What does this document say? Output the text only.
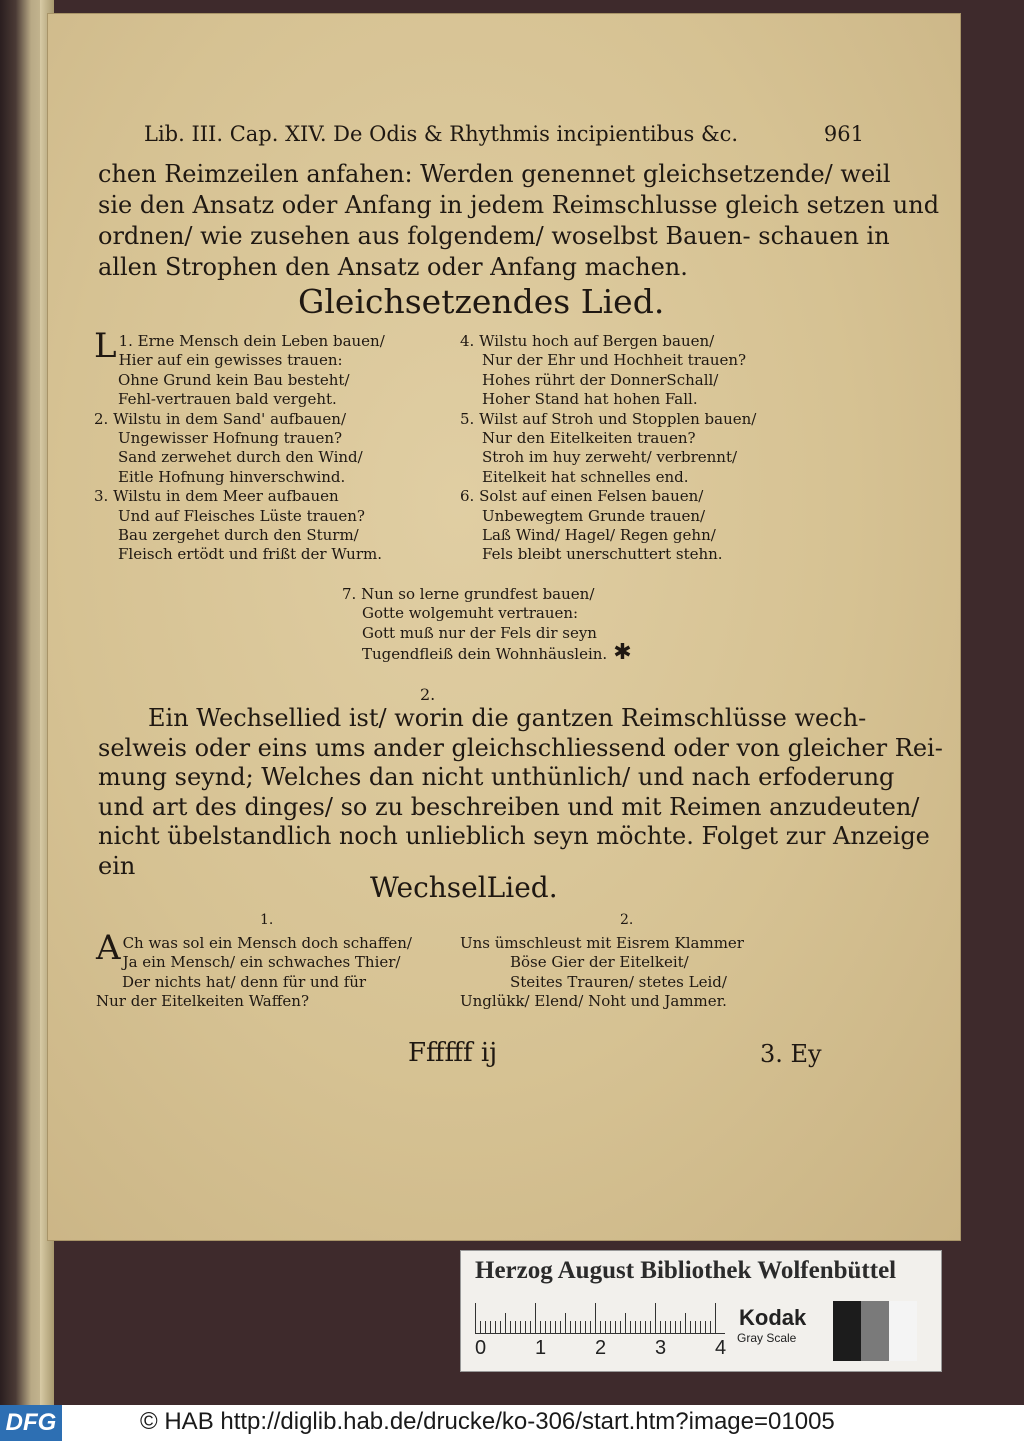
Lib. III. Cap. XIV. De Odis & Rhythmis incipientibus &c.	961
chen Reimzeilen anfahen: Werden genennet gleichsetzende/ weil
sie den Ansatz oder Anfang in jedem Reimschlusse gleich setzen und
ordnen/ wie zusehen aus folgendem/ woselbst Bauen- schauen in
allen Strophen den Ansatz oder Anfang machen.
Gleichsetzendes Lied.
1.
L Erne Mensch dein Leben bauen/
Hier auf ein gewisses trauen:
Ohne Grund kein Bau besteht/
Fehl-vertrauen bald vergeht.
2. Wilstu in dem Sand' aufbauen/
Ungewisser Hofnung trauen?
Sand zerwehet durch den Wind/
Eitle Hofnung hinverschwind.
3. Wilstu in dem Meer aufbauen
Und auf Fleisches Lüste trauen?
Bau zergehet durch den Sturm/
Fleisch ertödt und frißt der Wurm.
4. Wilstu hoch auf Bergen bauen/
Nur der Ehr und Hochheit trauen?
Hohes rührt der DonnerSchall/
Hoher Stand hat hohen Fall.
5. Wilst auf Stroh und Stopplen bauen/
Nur den Eitelkeiten trauen?
Stroh im huy zerweht/ verbrennt/
Eitelkeit hat schnelles end.
6. Solst auf einen Felsen bauen/
Unbewegtem Grunde trauen/
Laß Wind/ Hagel/ Regen gehn/
Fels bleibt unerschuttert stehn.
7. Nun so lerne grundfest bauen/
Gotte wolgemuht vertrauen:
Gott muß nur der Fels dir seyn
Tugendfleiß dein Wohnhäuslein. ✱
2.
Ein Wechsellied ist/ worin die gantzen Reimschlüsse wech-
selweis oder eins ums ander gleichschliessend oder von gleicher Rei-
mung seynd; Welches dan nicht unthünlich/ und nach erfoderung
und art des dinges/ so zu beschreiben und mit Reimen anzudeuten/
nicht übelstandlich noch unlieblich seyn möchte. Folget zur Anzeige
ein
WechselLied.
1.	2.
A Ch was sol ein Mensch doch schaffen/
Ja ein Mensch/ ein schwaches Thier/
Der nichts hat/ denn für und für
Nur der Eitelkeiten Waffen?
Uns ümschleust mit Eisrem Klammer
Böse Gier der Eitelkeit/
Steites Trauren/ stetes Leid/
Unglükk/ Elend/ Noht und Jammer.
Ffffff ij	3. Ey
Herzog August Bibliothek Wolfenbüttel
0 1 2 3 4
Kodak
Gray Scale
DFG	© HAB http://diglib.hab.de/drucke/ko-306/start.htm?image=01005
